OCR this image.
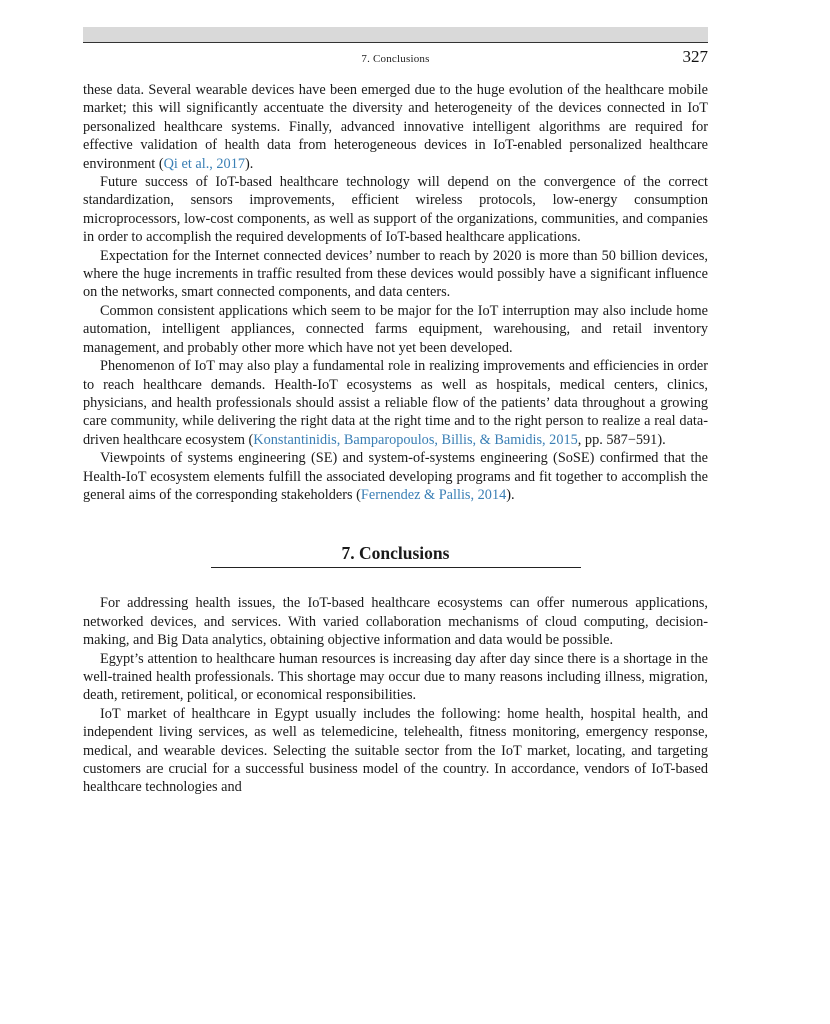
7. Conclusions	327

these data. Several wearable devices have been emerged due to the huge evolution of the healthcare mobile market; this will significantly accentuate the diversity and heterogeneity of the devices connected in IoT personalized healthcare systems. Finally, advanced innovative intelligent algorithms are required for effective validation of health data from heterogeneous devices in IoT-enabled personalized healthcare environment (Qi et al., 2017).

Future success of IoT-based healthcare technology will depend on the convergence of the correct standardization, sensors improvements, efficient wireless protocols, low-energy consumption microprocessors, low-cost components, as well as support of the organizations, communities, and companies in order to accomplish the required developments of IoT-based healthcare applications.

Expectation for the Internet connected devices’ number to reach by 2020 is more than 50 billion devices, where the huge increments in traffic resulted from these devices would possibly have a significant influence on the networks, smart connected components, and data centers.

Common consistent applications which seem to be major for the IoT interruption may also include home automation, intelligent appliances, connected farms equipment, warehousing, and retail inventory management, and probably other more which have not yet been developed.

Phenomenon of IoT may also play a fundamental role in realizing improvements and efficiencies in order to reach healthcare demands. Health-IoT ecosystems as well as hospitals, medical centers, clinics, physicians, and health professionals should assist a reliable flow of the patients’ data throughout a growing care community, while delivering the right data at the right time and to the right person to realize a real data-driven healthcare ecosystem (Konstantinidis, Bamparopoulos, Billis, & Bamidis, 2015, pp. 587−591).

Viewpoints of systems engineering (SE) and system-of-systems engineering (SoSE) confirmed that the Health-IoT ecosystem elements fulfill the associated developing programs and fit together to accomplish the general aims of the corresponding stakeholders (Fernendez & Pallis, 2014).

7. Conclusions

For addressing health issues, the IoT-based healthcare ecosystems can offer numerous applications, networked devices, and services. With varied collaboration mechanisms of cloud computing, decision-making, and Big Data analytics, obtaining objective information and data would be possible.

Egypt’s attention to healthcare human resources is increasing day after day since there is a shortage in the well-trained health professionals. This shortage may occur due to many reasons including illness, migration, death, retirement, political, or economical responsibilities.

IoT market of healthcare in Egypt usually includes the following: home health, hospital health, and independent living services, as well as telemedicine, telehealth, fitness monitoring, emergency response, medical, and wearable devices. Selecting the suitable sector from the IoT market, locating, and targeting customers are crucial for a successful business model of the country. In accordance, vendors of IoT-based healthcare technologies and
